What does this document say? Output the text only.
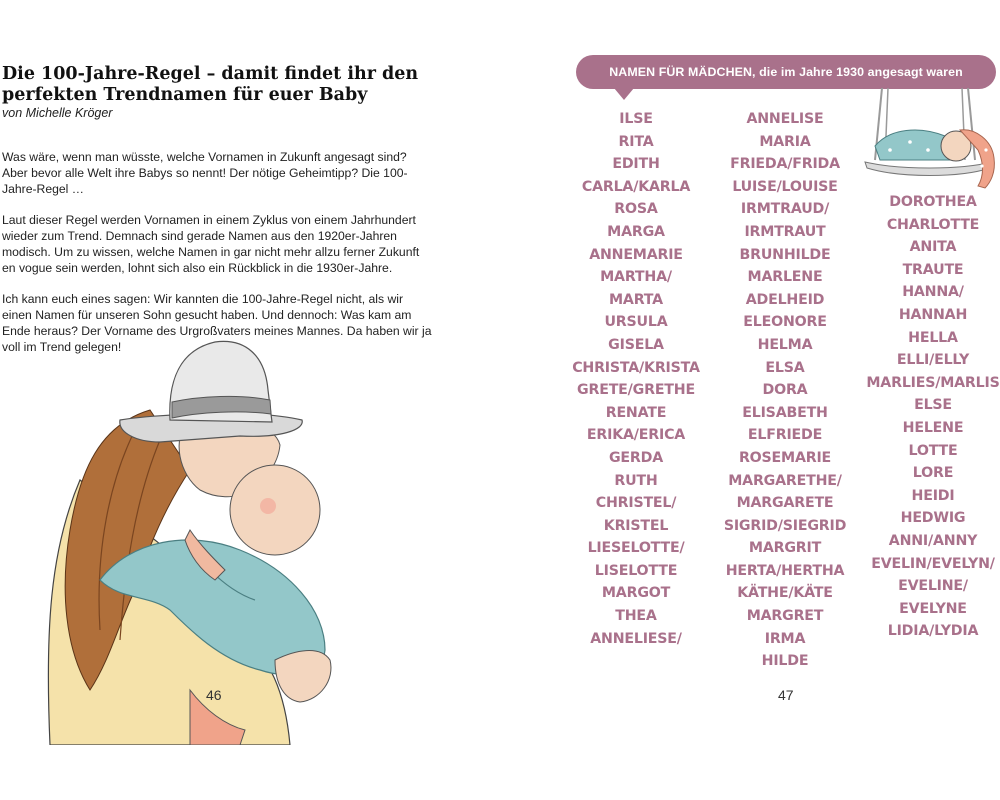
Die 100-Jahre-Regel – damit findet ihr den perfekten Trendnamen für euer Baby
von Michelle Kröger

Was wäre, wenn man wüsste, welche Vornamen in Zukunft angesagt sind? Aber bevor alle Welt ihre Babys so nennt! Der nötige Geheimtipp? Die 100-Jahre-Regel …

Laut dieser Regel werden Vornamen in einem Zyklus von einem Jahrhundert wieder zum Trend. Demnach sind gerade Namen aus den 1920er-Jahren modisch. Um zu wissen, welche Namen in gar nicht mehr allzu ferner Zukunft en vogue sein werden, lohnt sich also ein Rückblick in die 1930er-Jahre.

Ich kann euch eines sagen: Wir kannten die 100-Jahre-Regel nicht, als wir einen Namen für unseren Sohn gesucht haben. Und dennoch: Was kam am Ende heraus? Der Vorname des Urgroßvaters meines Mannes. Da haben wir ja voll im Trend gelegen!

46
NAMEN FÜR MÄDCHEN, die im Jahre 1930 angesagt waren
ILSE
RITA
EDITH
CARLA/KARLA
ROSA
MARGA
ANNEMARIE
MARTHA/
MARTA
URSULA
GISELA
CHRISTA/KRISTA
GRETE/GRETHE
RENATE
ERIKA/ERICA
GERDA
RUTH
CHRISTEL/
KRISTEL
LIESELOTTE/
LISELOTTE
MARGOT
THEA
ANNELIESE/
ANNELISE
MARIA
FRIEDA/FRIDA
LUISE/LOUISE
IRMTRAUD/
IRMTRAUT
BRUNHILDE
MARLENE
ADELHEID
ELEONORE
HELMA
ELSA
DORA
ELISABETH
ELFRIEDE
ROSEMARIE
MARGARETHE/
MARGARETE
SIGRID/SIEGRID
MARGRIT
HERTA/HERTHA
KÄTHE/KÄTE
MARGRET
IRMA
HILDE
DOROTHEA
CHARLOTTE
ANITA
TRAUTE
HANNA/
HANNAH
HELLA
ELLI/ELLY
MARLIES/MARLIS
ELSE
HELENE
LOTTE
LORE
HEIDI
HEDWIG
ANNI/ANNY
EVELIN/EVELYN/
EVELINE/
EVELYNE
LIDIA/LYDIA
47
